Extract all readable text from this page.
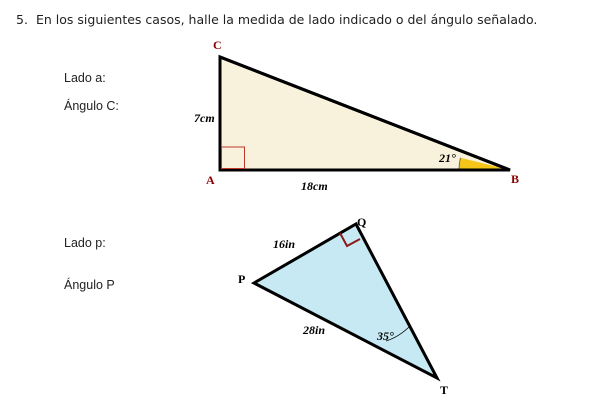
5. En los siguientes casos, halle la medida de lado indicado o del ángulo señalado.
Lado a:
Ángulo C:
Lado p:
Ángulo P
C
A	B
7cm
18cm
21°
Q
P
T
16in
28in	35°
